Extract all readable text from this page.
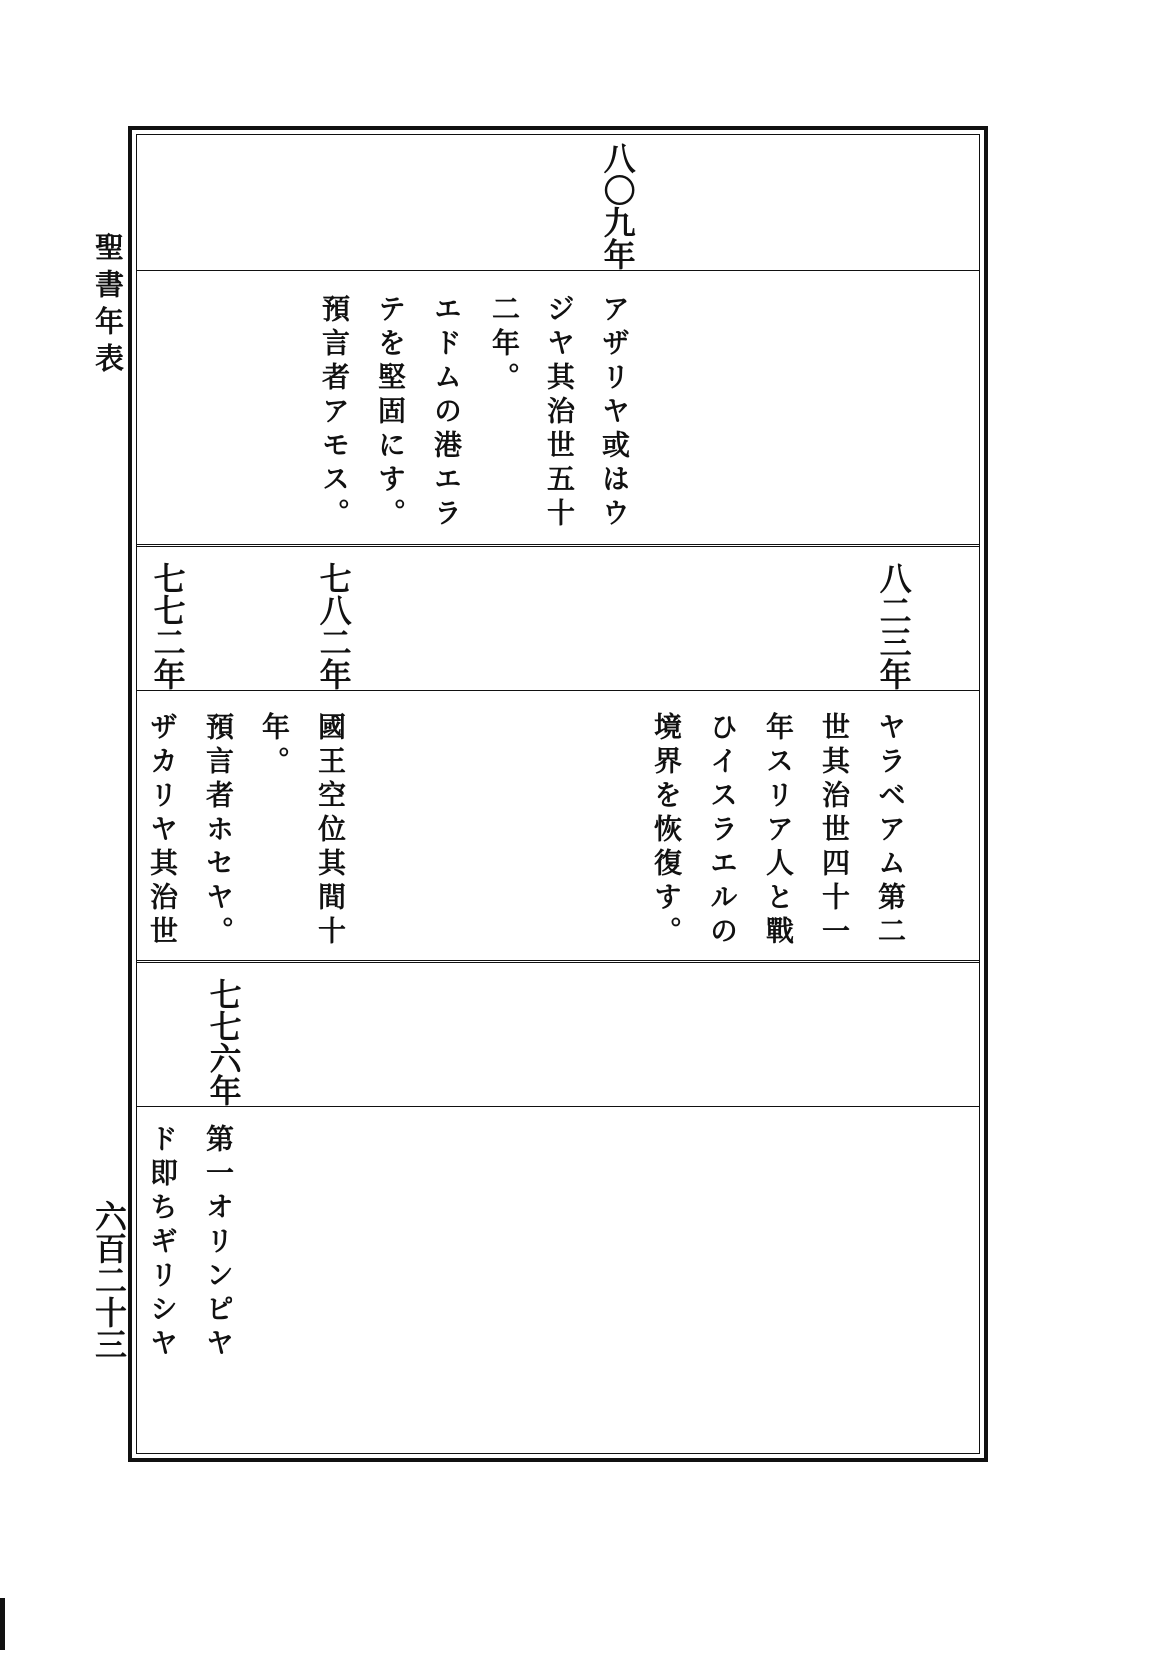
聖書年表
六百二十三
八〇九年
アザリヤ或はウ
ジヤ其治世五十
二年。
エドムの港エラ
テを堅固にす。
預言者アモス。
八二三年
七八二年
七七二年
ヤラベアム第二
世其治世四十一
年スリア人と戰
ひイスラエルの
境界を恢復す。
國王空位其間十
年。
預言者ホセヤ。
ザカリヤ其治世
七七六年
第一オリンピヤ
ド即ちギリシヤ
